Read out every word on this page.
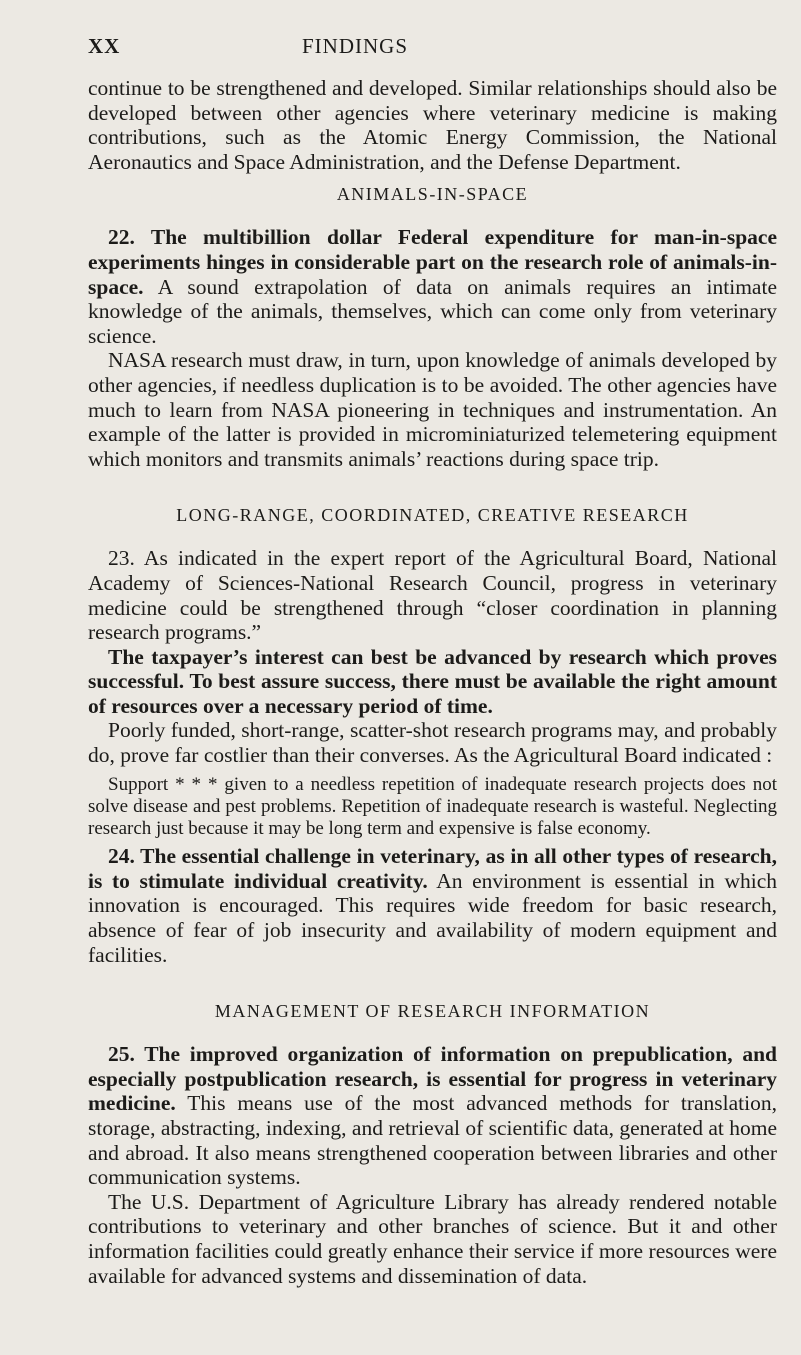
XX	FINDINGS

continue to be strengthened and developed. Similar relationships should also be developed between other agencies where veterinary medicine is making contributions, such as the Atomic Energy Commission, the National Aeronautics and Space Administration, and the Defense Department.

ANIMALS-IN-SPACE

22. The multibillion dollar Federal expenditure for man-in-space experiments hinges in considerable part on the research role of animals-in-space. A sound extrapolation of data on animals requires an intimate knowledge of the animals, themselves, which can come only from veterinary science.

NASA research must draw, in turn, upon knowledge of animals developed by other agencies, if needless duplication is to be avoided. The other agencies have much to learn from NASA pioneering in techniques and instrumentation. An example of the latter is provided in microminiaturized telemetering equipment which monitors and transmits animals’ reactions during space trip.

LONG-RANGE, COORDINATED, CREATIVE RESEARCH

23. As indicated in the expert report of the Agricultural Board, National Academy of Sciences-National Research Council, progress in veterinary medicine could be strengthened through “closer coordination in planning research programs.”

The taxpayer’s interest can best be advanced by research which proves successful. To best assure success, there must be available the right amount of resources over a necessary period of time.

Poorly funded, short-range, scatter-shot research programs may, and probably do, prove far costlier than their converses. As the Agricultural Board indicated :

Support * * * given to a needless repetition of inadequate research projects does not solve disease and pest problems. Repetition of inadequate research is wasteful. Neglecting research just because it may be long term and expensive is false economy.

24. The essential challenge in veterinary, as in all other types of research, is to stimulate individual creativity. An environment is essential in which innovation is encouraged. This requires wide freedom for basic research, absence of fear of job insecurity and availability of modern equipment and facilities.

MANAGEMENT OF RESEARCH INFORMATION

25. The improved organization of information on prepublication, and especially postpublication research, is essential for progress in veterinary medicine. This means use of the most advanced methods for translation, storage, abstracting, indexing, and retrieval of scientific data, generated at home and abroad. It also means strengthened cooperation between libraries and other communication systems.

The U.S. Department of Agriculture Library has already rendered notable contributions to veterinary and other branches of science. But it and other information facilities could greatly enhance their service if more resources were available for advanced systems and dissemination of data.
